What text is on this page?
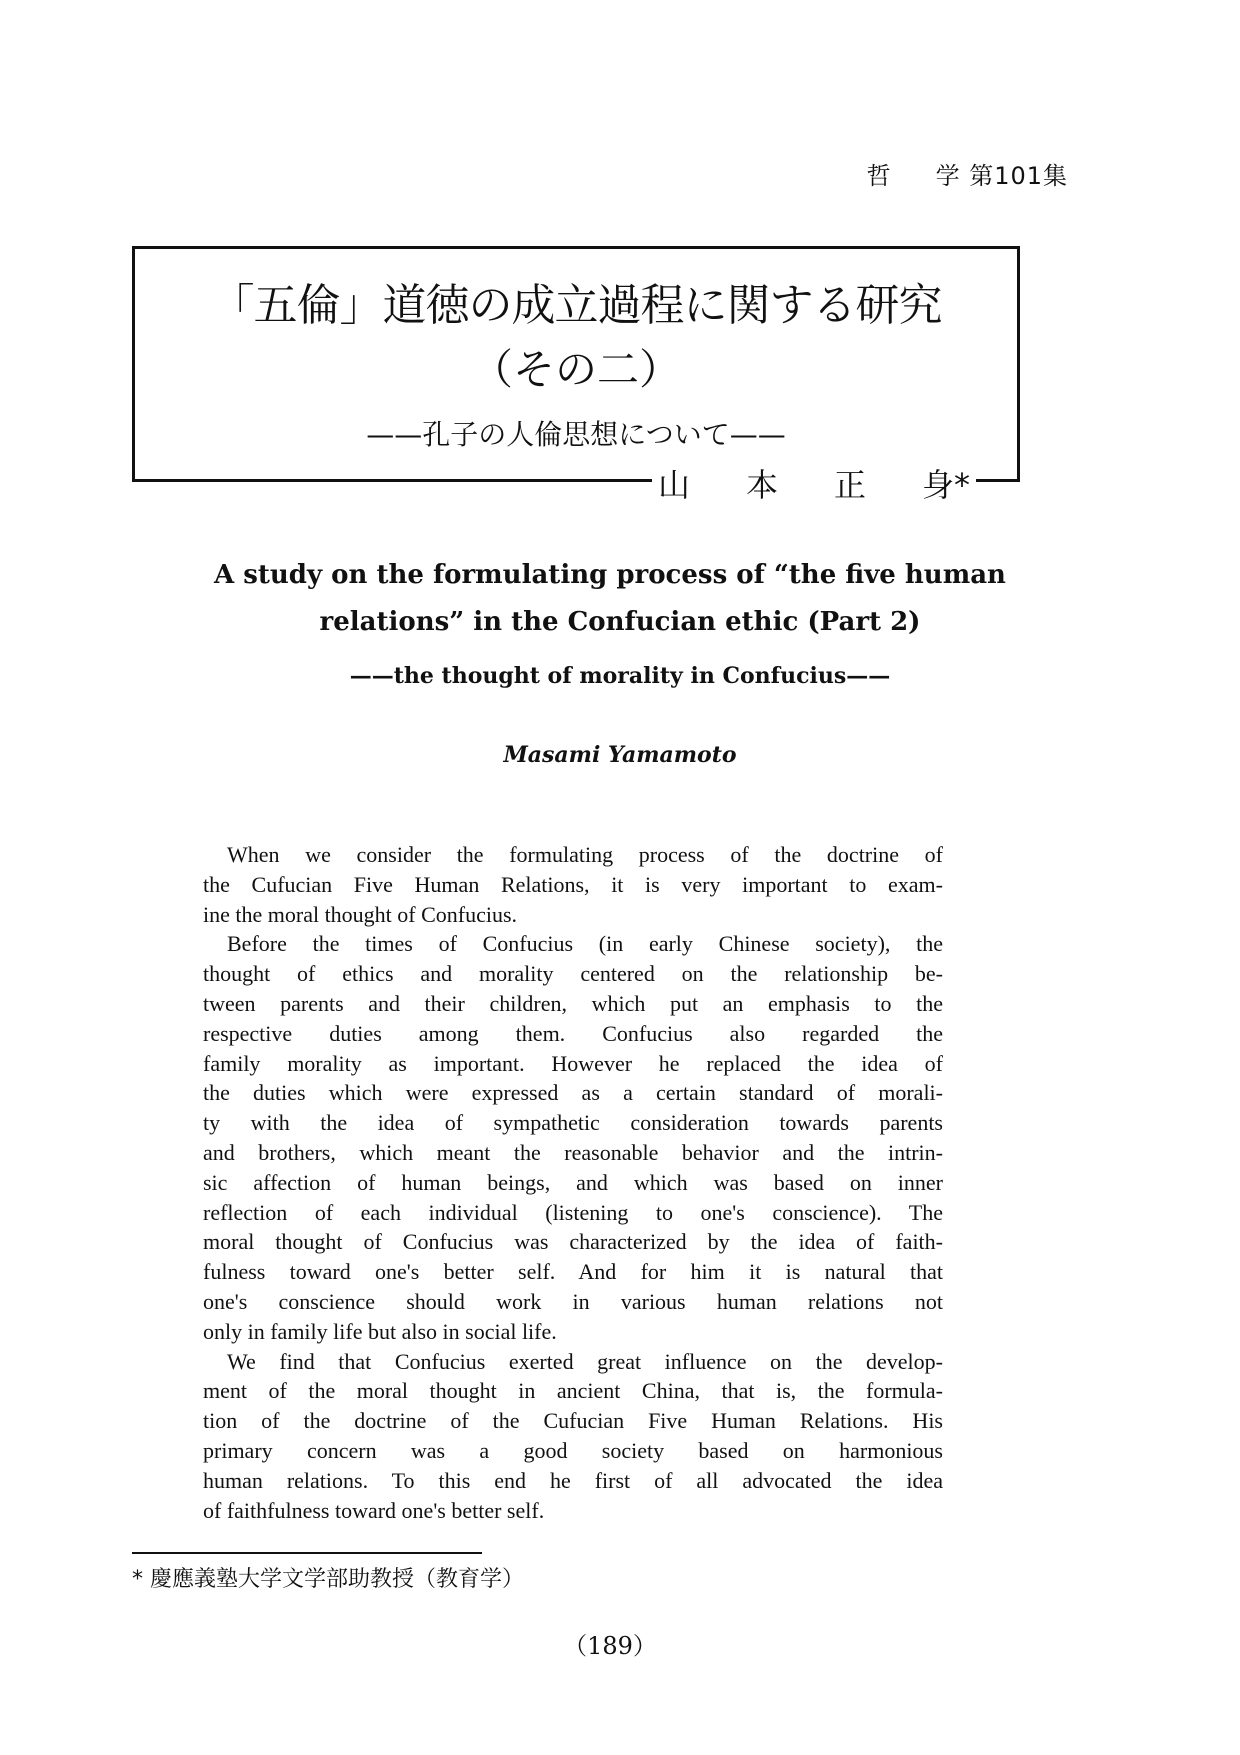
哲 学 第101集
「五倫」道徳の成立過程に関する研究
（その二）
——孔子の人倫思想について——
山 本 正 身*
A study on the formulating process of “the five human
relations” in the Confucian ethic (Part 2)
——the thought of morality in Confucius——
Masami Yamamoto
When we consider the formulating process of the doctrine of
the Cufucian Five Human Relations, it is very important to exam-
ine the moral thought of Confucius.
Before the times of Confucius (in early Chinese society), the
thought of ethics and morality centered on the relationship be-
tween parents and their children, which put an emphasis to the
respective duties among them. Confucius also regarded the
family morality as important. However he replaced the idea of
the duties which were expressed as a certain standard of morali-
ty with the idea of sympathetic consideration towards parents
and brothers, which meant the reasonable behavior and the intrin-
sic affection of human beings, and which was based on inner
reflection of each individual (listening to one's conscience). The
moral thought of Confucius was characterized by the idea of faith-
fulness toward one's better self. And for him it is natural that
one's conscience should work in various human relations not
only in family life but also in social life.
We find that Confucius exerted great influence on the develop-
ment of the moral thought in ancient China, that is, the formula-
tion of the doctrine of the Cufucian Five Human Relations. His
primary concern was a good society based on harmonious
human relations. To this end he first of all advocated the idea
of faithfulness toward one's better self.
* 慶應義塾大学文学部助教授（教育学）
（189）
